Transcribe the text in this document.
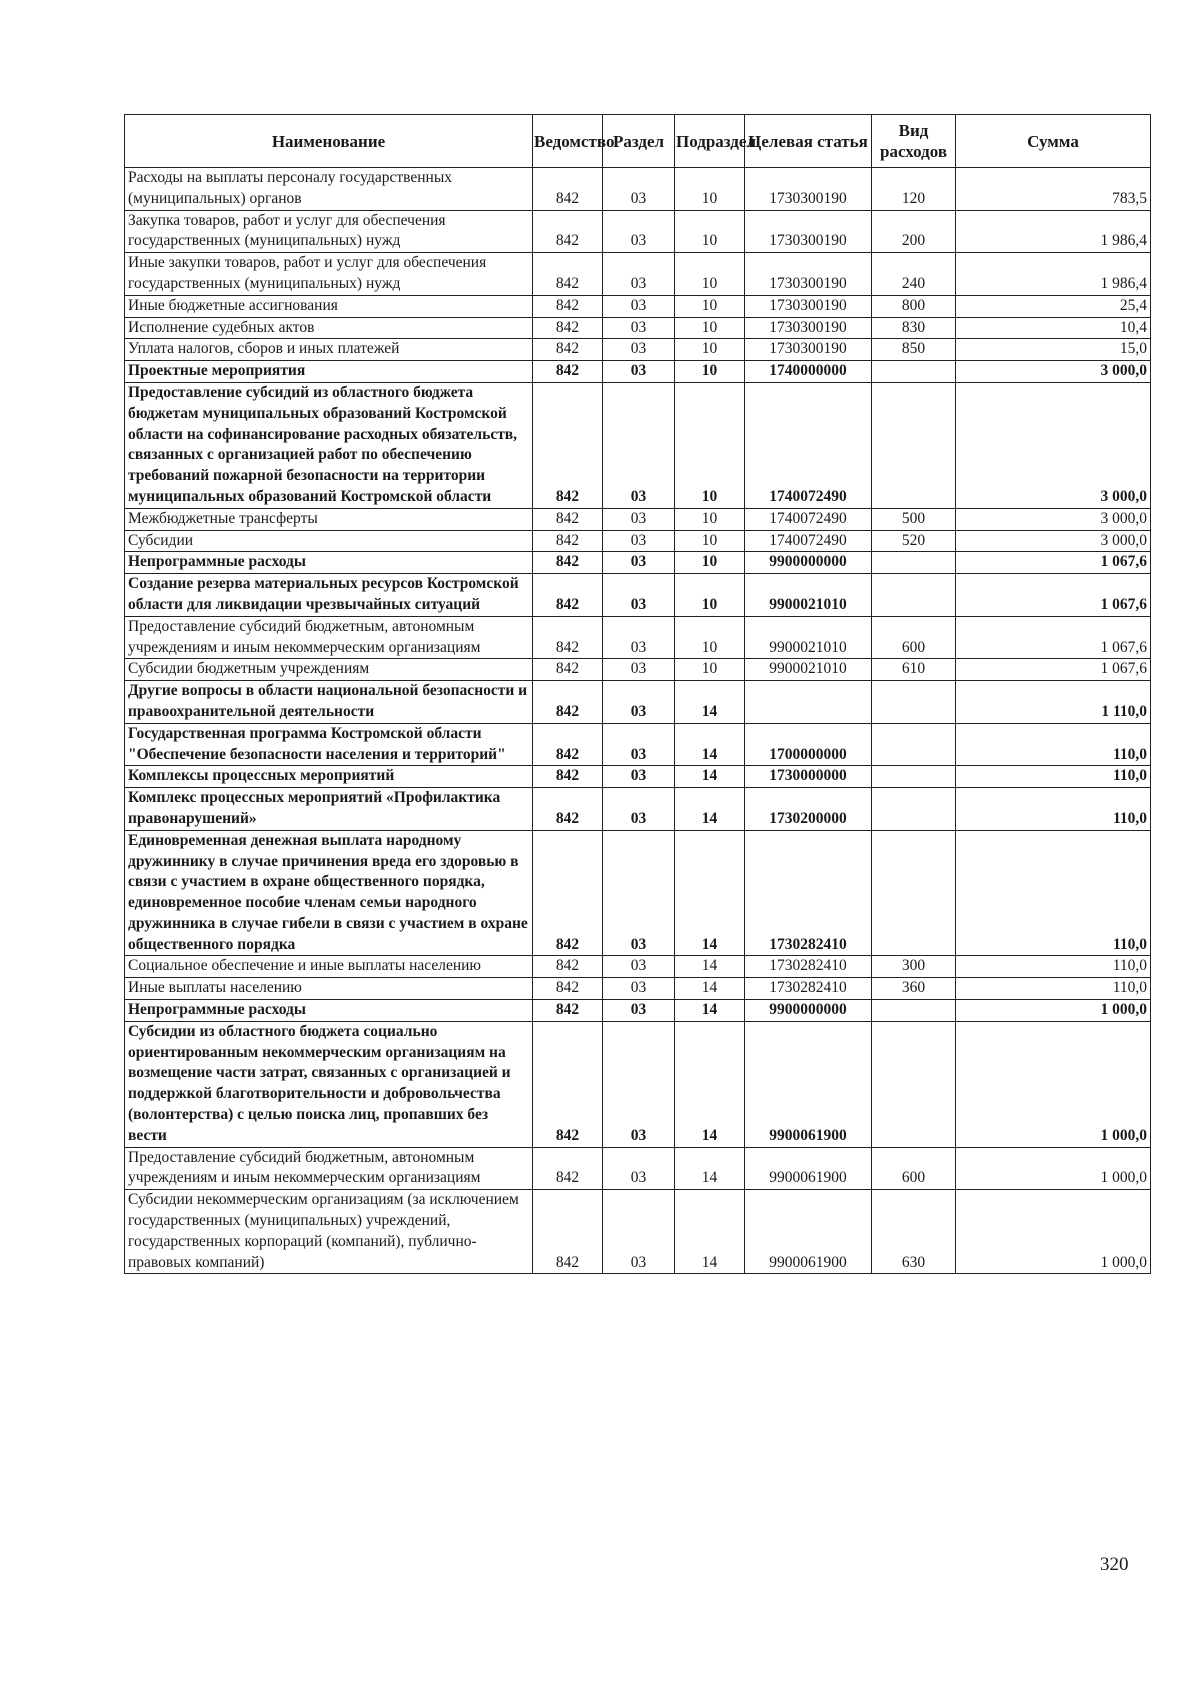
Наименование	Ведомство	Раздел	Подраздел	Целевая статья	Вид расходов	Сумма
Расходы на выплаты персоналу государственных (муниципальных) органов	842	03	10	1730300190	120	783,5
Закупка товаров, работ и услуг для обеспечения государственных (муниципальных) нужд	842	03	10	1730300190	200	1 986,4
Иные закупки товаров, работ и услуг для обеспечения государственных (муниципальных) нужд	842	03	10	1730300190	240	1 986,4
Иные бюджетные ассигнования	842	03	10	1730300190	800	25,4
Исполнение судебных актов	842	03	10	1730300190	830	10,4
Уплата налогов, сборов и иных платежей	842	03	10	1730300190	850	15,0
Проектные мероприятия	842	03	10	1740000000		3 000,0
Предоставление субсидий из областного бюджета бюджетам муниципальных образований Костромской области на софинансирование расходных обязательств, связанных с организацией работ по обеспечению требований пожарной безопасности на территории муниципальных образований Костромской области	842	03	10	1740072490		3 000,0
Межбюджетные трансферты	842	03	10	1740072490	500	3 000,0
Субсидии	842	03	10	1740072490	520	3 000,0
Непрограммные расходы	842	03	10	9900000000		1 067,6
Создание резерва материальных ресурсов Костромской области для ликвидации чрезвычайных ситуаций	842	03	10	9900021010		1 067,6
Предоставление субсидий бюджетным, автономным учреждениям и иным некоммерческим организациям	842	03	10	9900021010	600	1 067,6
Субсидии бюджетным учреждениям	842	03	10	9900021010	610	1 067,6
Другие вопросы в области национальной безопасности и правоохранительной деятельности	842	03	14			1 110,0
Государственная программа Костромской области "Обеспечение безопасности населения и территорий"	842	03	14	1700000000		110,0
Комплексы процессных мероприятий	842	03	14	1730000000		110,0
Комплекс процессных мероприятий «Профилактика правонарушений»	842	03	14	1730200000		110,0
Единовременная денежная выплата народному дружиннику в случае причинения вреда его здоровью в связи с участием в охране общественного порядка, единовременное пособие членам семьи народного дружинника в случае гибели в связи с участием в охране общественного порядка	842	03	14	1730282410		110,0
Социальное обеспечение и иные выплаты населению	842	03	14	1730282410	300	110,0
Иные выплаты населению	842	03	14	1730282410	360	110,0
Непрограммные расходы	842	03	14	9900000000		1 000,0
Субсидии из областного бюджета социально ориентированным некоммерческим организациям на возмещение части затрат, связанных с организацией и поддержкой благотворительности и добровольчества (волонтерства) с целью поиска лиц, пропавших без вести	842	03	14	9900061900		1 000,0
Предоставление субсидий бюджетным, автономным учреждениям и иным некоммерческим организациям	842	03	14	9900061900	600	1 000,0
Субсидии некоммерческим организациям (за исключением государственных (муниципальных) учреждений, государственных корпораций (компаний), публично-правовых компаний)	842	03	14	9900061900	630	1 000,0
320
